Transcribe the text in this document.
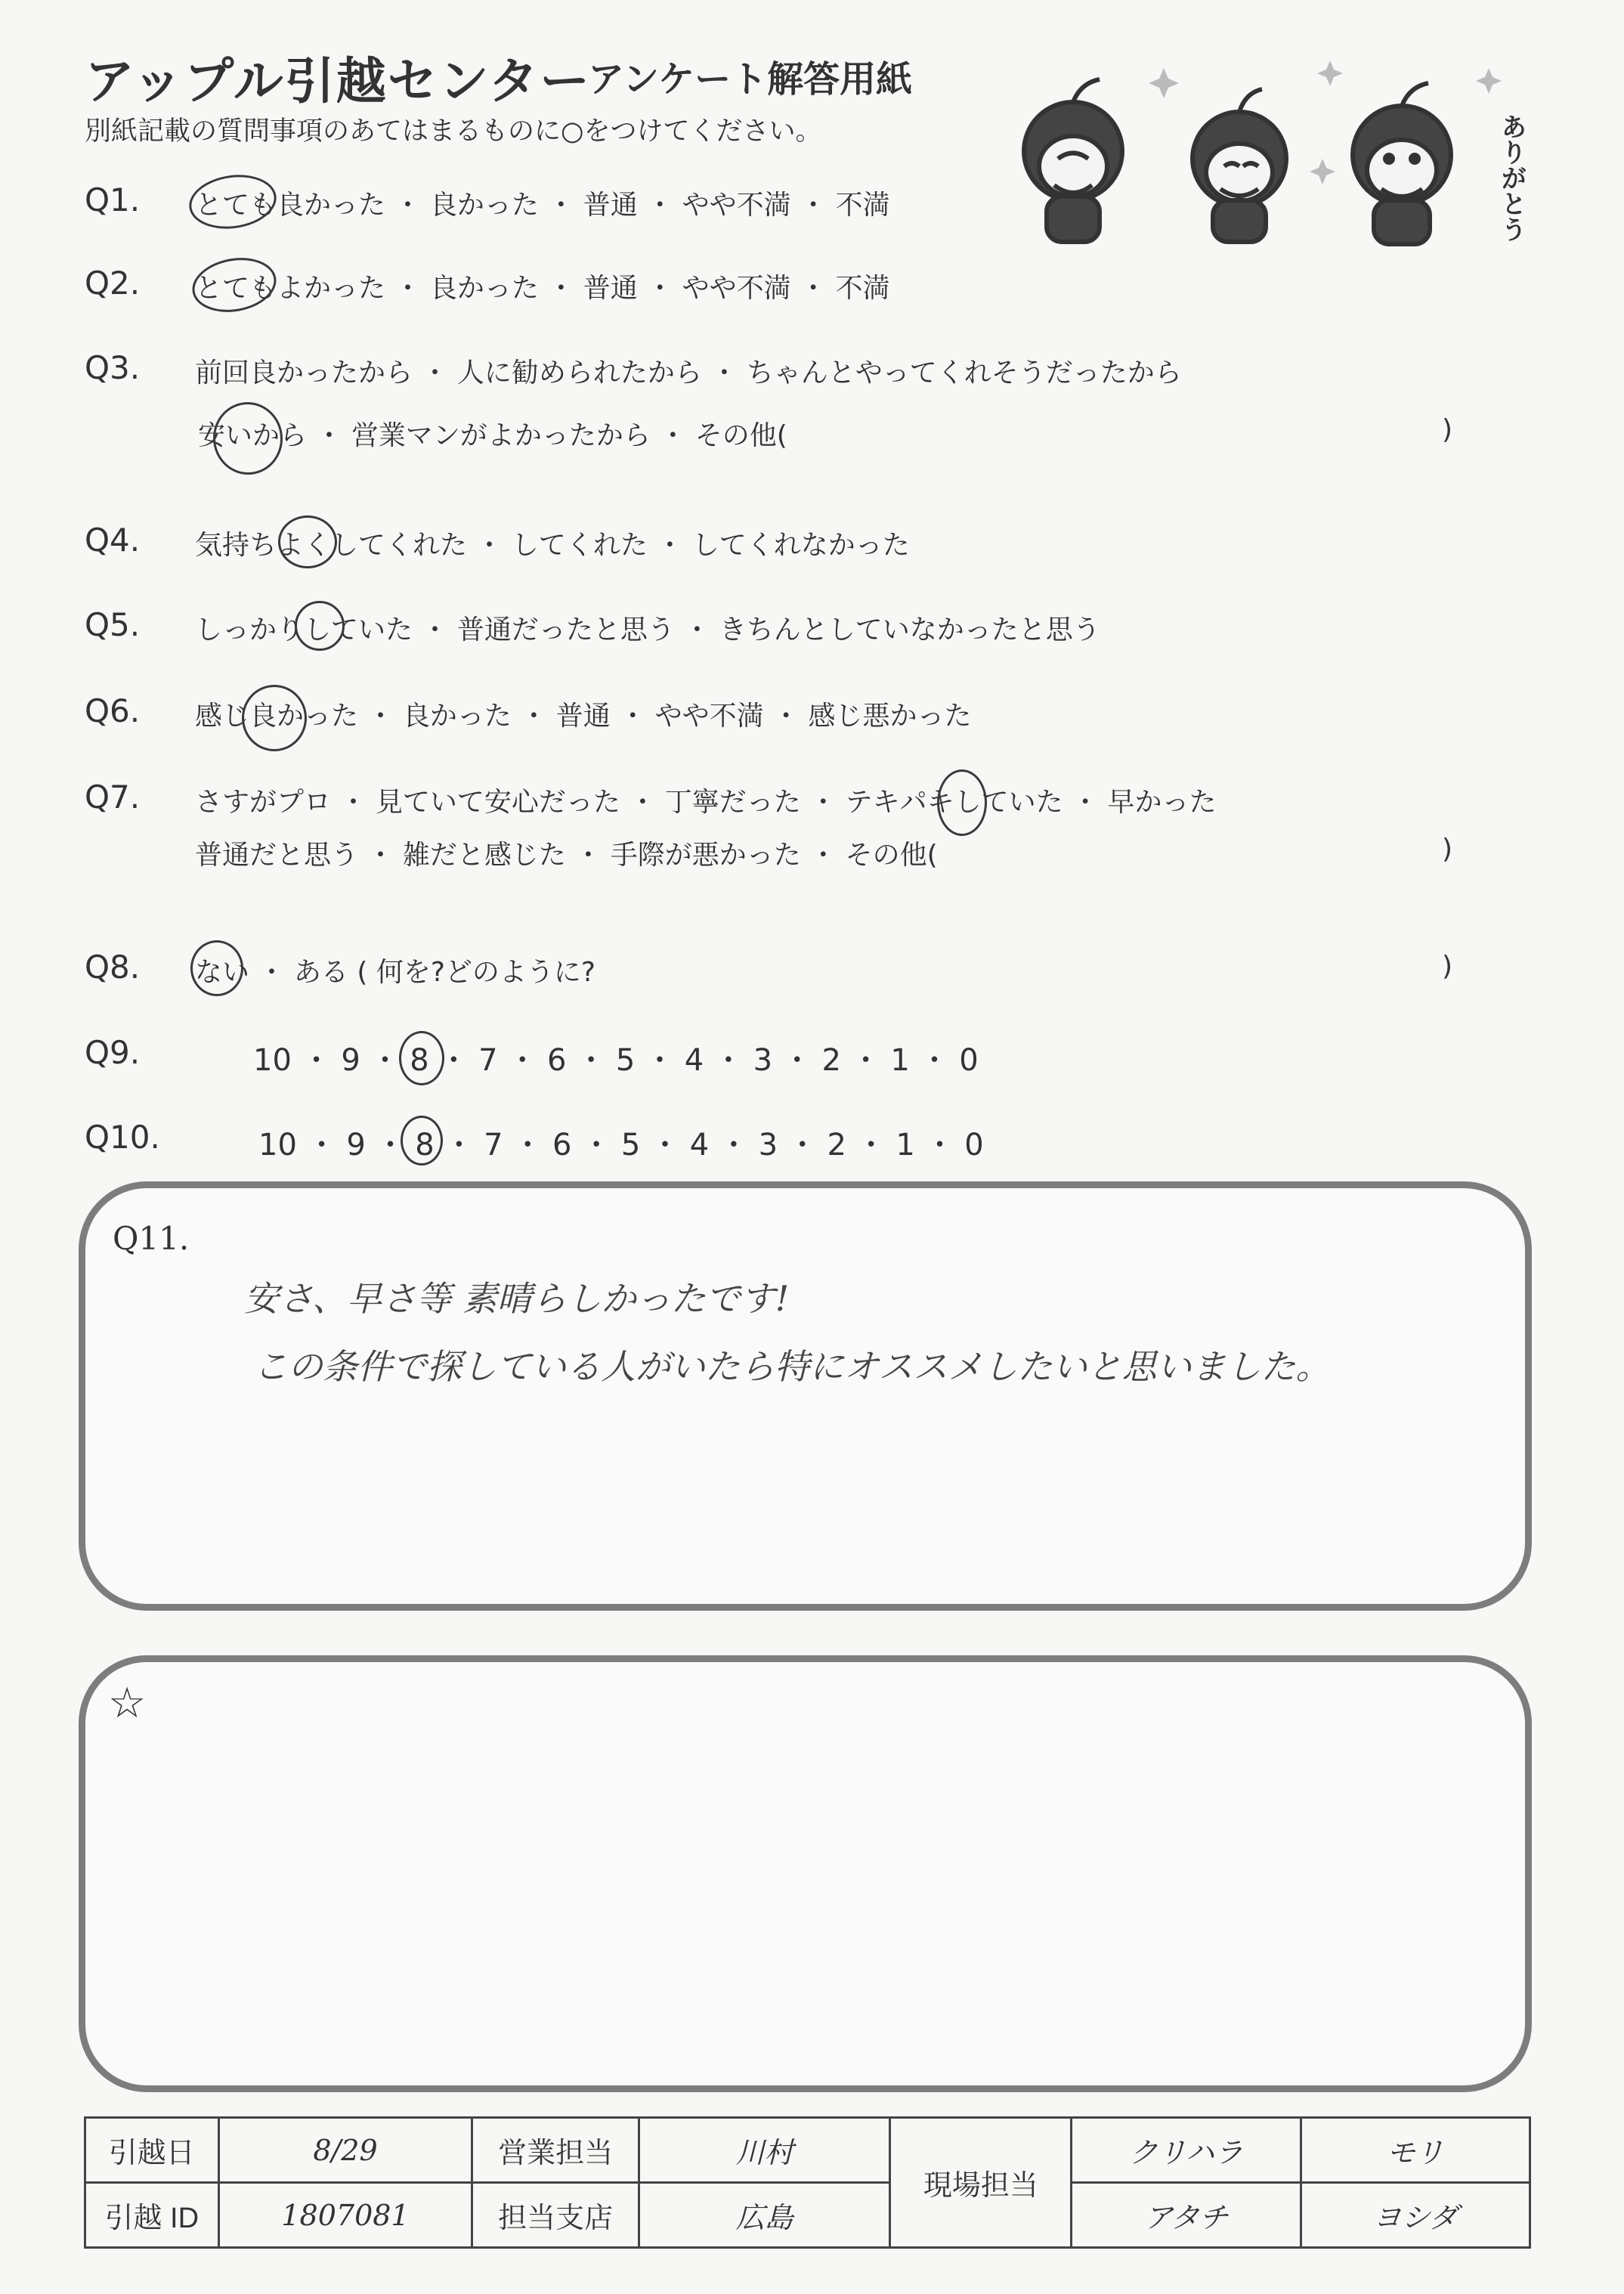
アップル引越センター
アンケート解答用紙
別紙記載の質問事項のあてはまるものに○をつけてください。	ありがとう
Q1. とても良かった ・ 良かった ・ 普通 ・ やや不満 ・ 不満
Q2. とてもよかった ・ 良かった ・ 普通 ・ やや不満 ・ 不満
Q3. 前回良かったから ・ 人に勧められたから ・ ちゃんとやってくれそうだったから
安いから ・ 営業マンがよかったから ・ その他(	)
Q4. 気持ちよくしてくれた ・ してくれた ・ してくれなかった
Q5. しっかりしていた ・ 普通だったと思う ・ きちんとしていなかったと思う
Q6. 感じ良かった ・ 良かった ・ 普通 ・ やや不満 ・ 感じ悪かった
Q7. さすがプロ ・ 見ていて安心だった ・ 丁寧だった ・ テキパキしていた ・ 早かった
普通だと思う ・ 雑だと感じた ・ 手際が悪かった ・ その他(	)
Q8. ない ・ ある ( 何を?どのように?	)
Q9.	10 ・ 9 ・ 8 ・ 7 ・ 6 ・ 5 ・ 4 ・ 3 ・ 2 ・ 1 ・ 0
Q10.	10 ・ 9 ・ 8 ・ 7 ・ 6 ・ 5 ・ 4 ・ 3 ・ 2 ・ 1 ・ 0
Q11.
安さ、早さ等 素晴らしかったです!
この条件で探している人がいたら特にオススメしたいと思いました。
☆
引越日	8/29	営業担当	川村	現場担当	クリハラ	モリ
引越 ID	1807081	担当支店	広島		アタチ	ヨシダ
